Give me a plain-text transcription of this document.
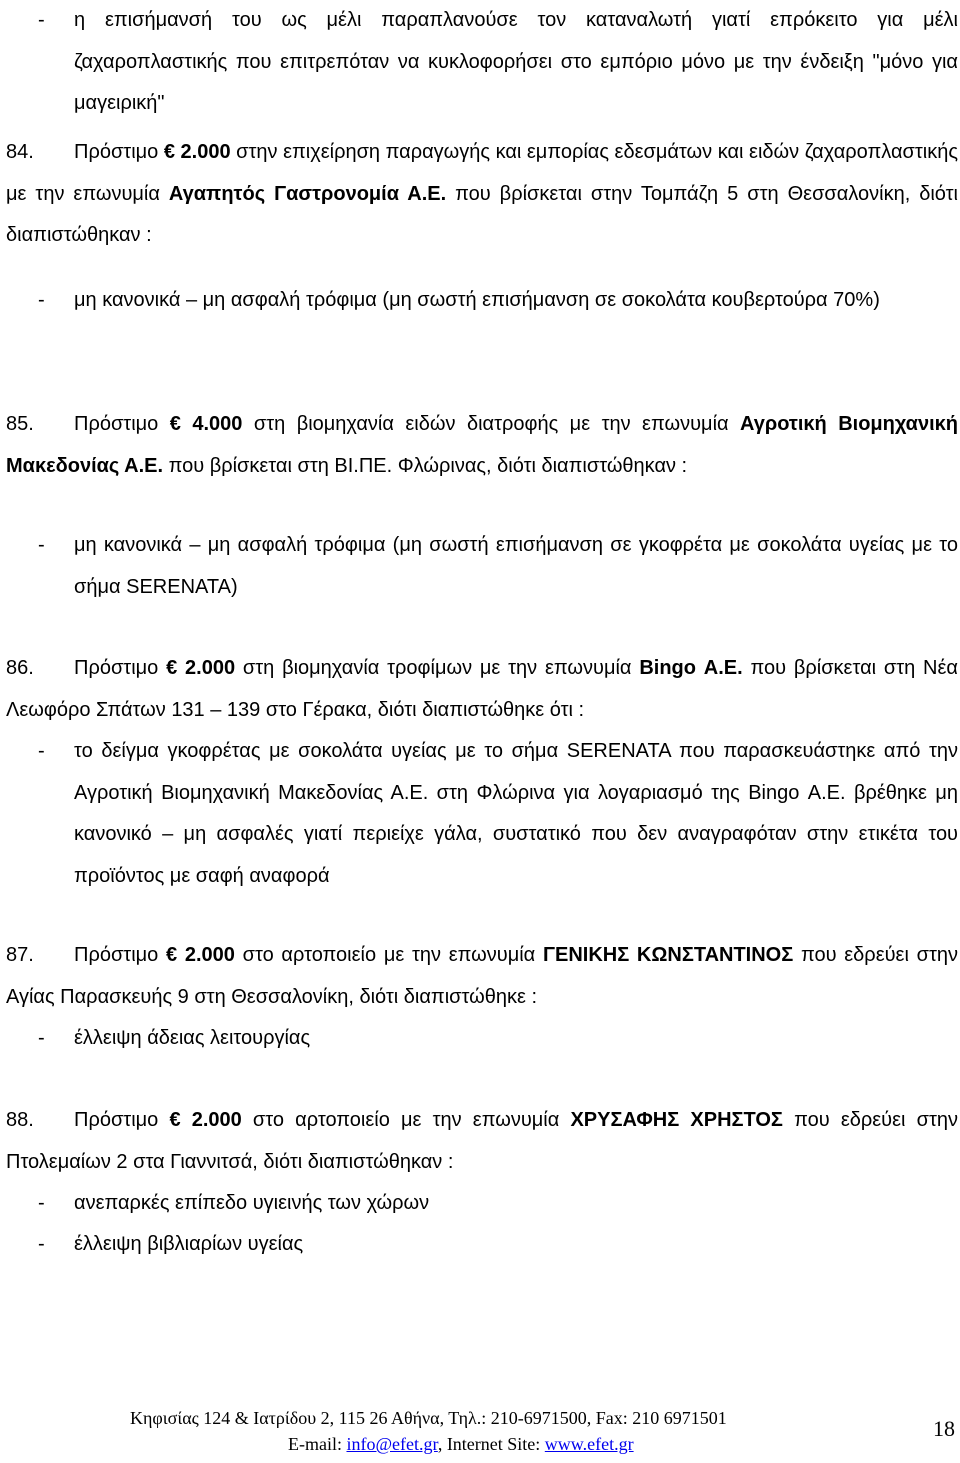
- η επισήμανσή του ως μέλι παραπλανούσε τον καταναλωτή γιατί επρόκειτο για μέλι ζαχαροπλαστικής που επιτρεπόταν να κυκλοφορήσει στο εμπόριο μόνο με την ένδειξη "μόνο για μαγειρική"

84. Πρόστιμο € 2.000 στην επιχείρηση παραγωγής και εμπορίας εδεσμάτων και ειδών ζαχαροπλαστικής με την επωνυμία Αγαπητός Γαστρονομία Α.Ε. που βρίσκεται στην Τομπάζη 5 στη Θεσσαλονίκη, διότι διαπιστώθηκαν :

- μη κανονικά – μη ασφαλή τρόφιμα (μη σωστή επισήμανση σε σοκολάτα κουβερτούρα 70%)

85. Πρόστιμο € 4.000 στη βιομηχανία ειδών διατροφής με την επωνυμία Αγροτική Βιομηχανική Μακεδονίας Α.Ε. που βρίσκεται στη ΒΙ.ΠΕ. Φλώρινας, διότι διαπιστώθηκαν :

- μη κανονικά – μη ασφαλή τρόφιμα (μη σωστή επισήμανση σε γκοφρέτα με σοκολάτα υγείας με το σήμα SERENATA)

86. Πρόστιμο € 2.000 στη βιομηχανία τροφίμων με την επωνυμία Bingo Α.Ε. που βρίσκεται στη Νέα Λεωφόρο Σπάτων 131 – 139 στο Γέρακα, διότι διαπιστώθηκε ότι :

- το δείγμα γκοφρέτας με σοκολάτα υγείας με το σήμα SERENATA που παρασκευάστηκε από την Αγροτική Βιομηχανική Μακεδονίας Α.Ε. στη Φλώρινα για λογαριασμό της Bingo Α.Ε. βρέθηκε μη κανονικό – μη ασφαλές γιατί περιείχε γάλα, συστατικό που δεν αναγραφόταν στην ετικέτα του προϊόντος με σαφή αναφορά

87. Πρόστιμο € 2.000 στο αρτοποιείο με την επωνυμία ΓΕΝΙΚΗΣ ΚΩΝΣΤΑΝΤΙΝΟΣ που εδρεύει στην Αγίας Παρασκευής 9 στη Θεσσαλονίκη, διότι διαπιστώθηκε :

- έλλειψη άδειας λειτουργίας

88. Πρόστιμο € 2.000 στο αρτοποιείο με την επωνυμία ΧΡΥΣΑΦΗΣ ΧΡΗΣΤΟΣ που εδρεύει στην Πτολεμαίων 2 στα Γιαννιτσά, διότι διαπιστώθηκαν :

- ανεπαρκές επίπεδο υγιεινής των χώρων
- έλλειψη βιβλιαρίων υγείας
Κηφισίας 124 & Ιατρίδου 2, 115 26 Αθήνα, Τηλ.: 210-6971500, Fax: 210 6971501
E-mail: info@efet.gr, Internet Site: www.efet.gr
18
